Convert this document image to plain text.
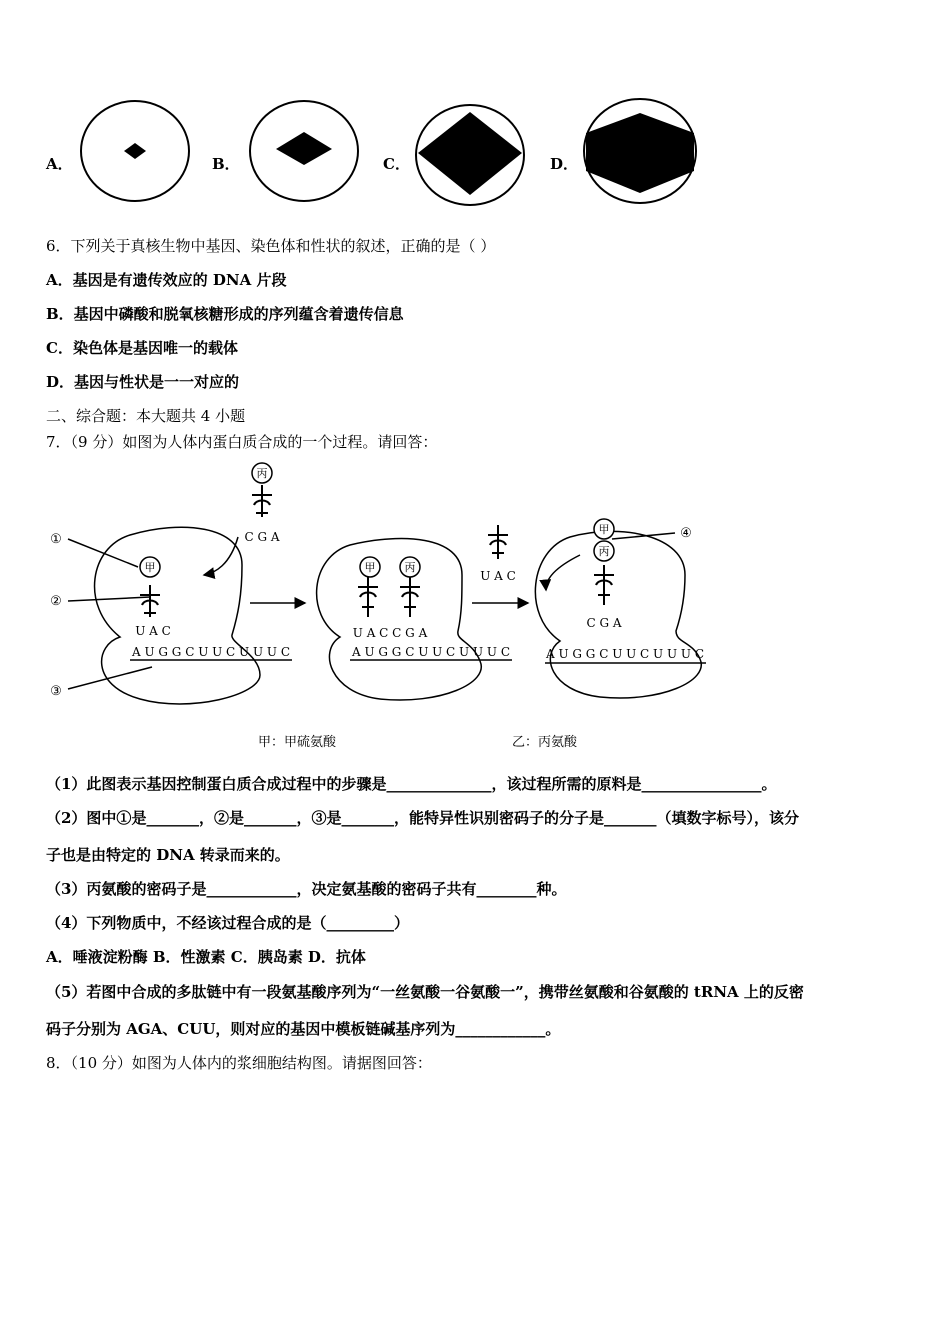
A．	B．	C．	D．
6．下列关于真核生物中基因、染色体和性状的叙述，正确的是（ ）
A．基因是有遗传效应的 DNA 片段
B．基因中磷酸和脱氧核糖形成的序列蕴含着遗传信息
C．染色体是基因唯一的载体
D．基因与性状是一一对应的
二、综合题：本大题共 4 小题
7．（9 分）如图为人体内蛋白质合成的一个过程。请回答：
丙
甲	甲	丙
甲
丙
C G A
U A C	U A C C G A
U A C
C G A
A U G G C U U C U U U C	A U G G C U U C U U U C	A U G G C U U C U U U C
①
②
③
④
甲：甲硫氨酸	乙：丙氨酸
（1）此图表示基因控制蛋白质合成过程中的步骤是______________，该过程所需的原料是________________。
（2）图中①是_______，②是_______，③是_______，能特异性识别密码子的分子是_______（填数字标号），该分
子也是由特定的 DNA 转录而来的。
（3）丙氨酸的密码子是____________，决定氨基酸的密码子共有________种。
（4）下列物质中，不经该过程合成的是（_________）
A．唾液淀粉酶 B．性激素 C．胰岛素 D．抗体
（5）若图中合成的多肽链中有一段氨基酸序列为“一丝氨酸一谷氨酸一”，携带丝氨酸和谷氨酸的 tRNA 上的反密
码子分别为 AGA、CUU，则对应的基因中模板链碱基序列为____________。
8．（10 分）如图为人体内的浆细胞结构图。请据图回答：
